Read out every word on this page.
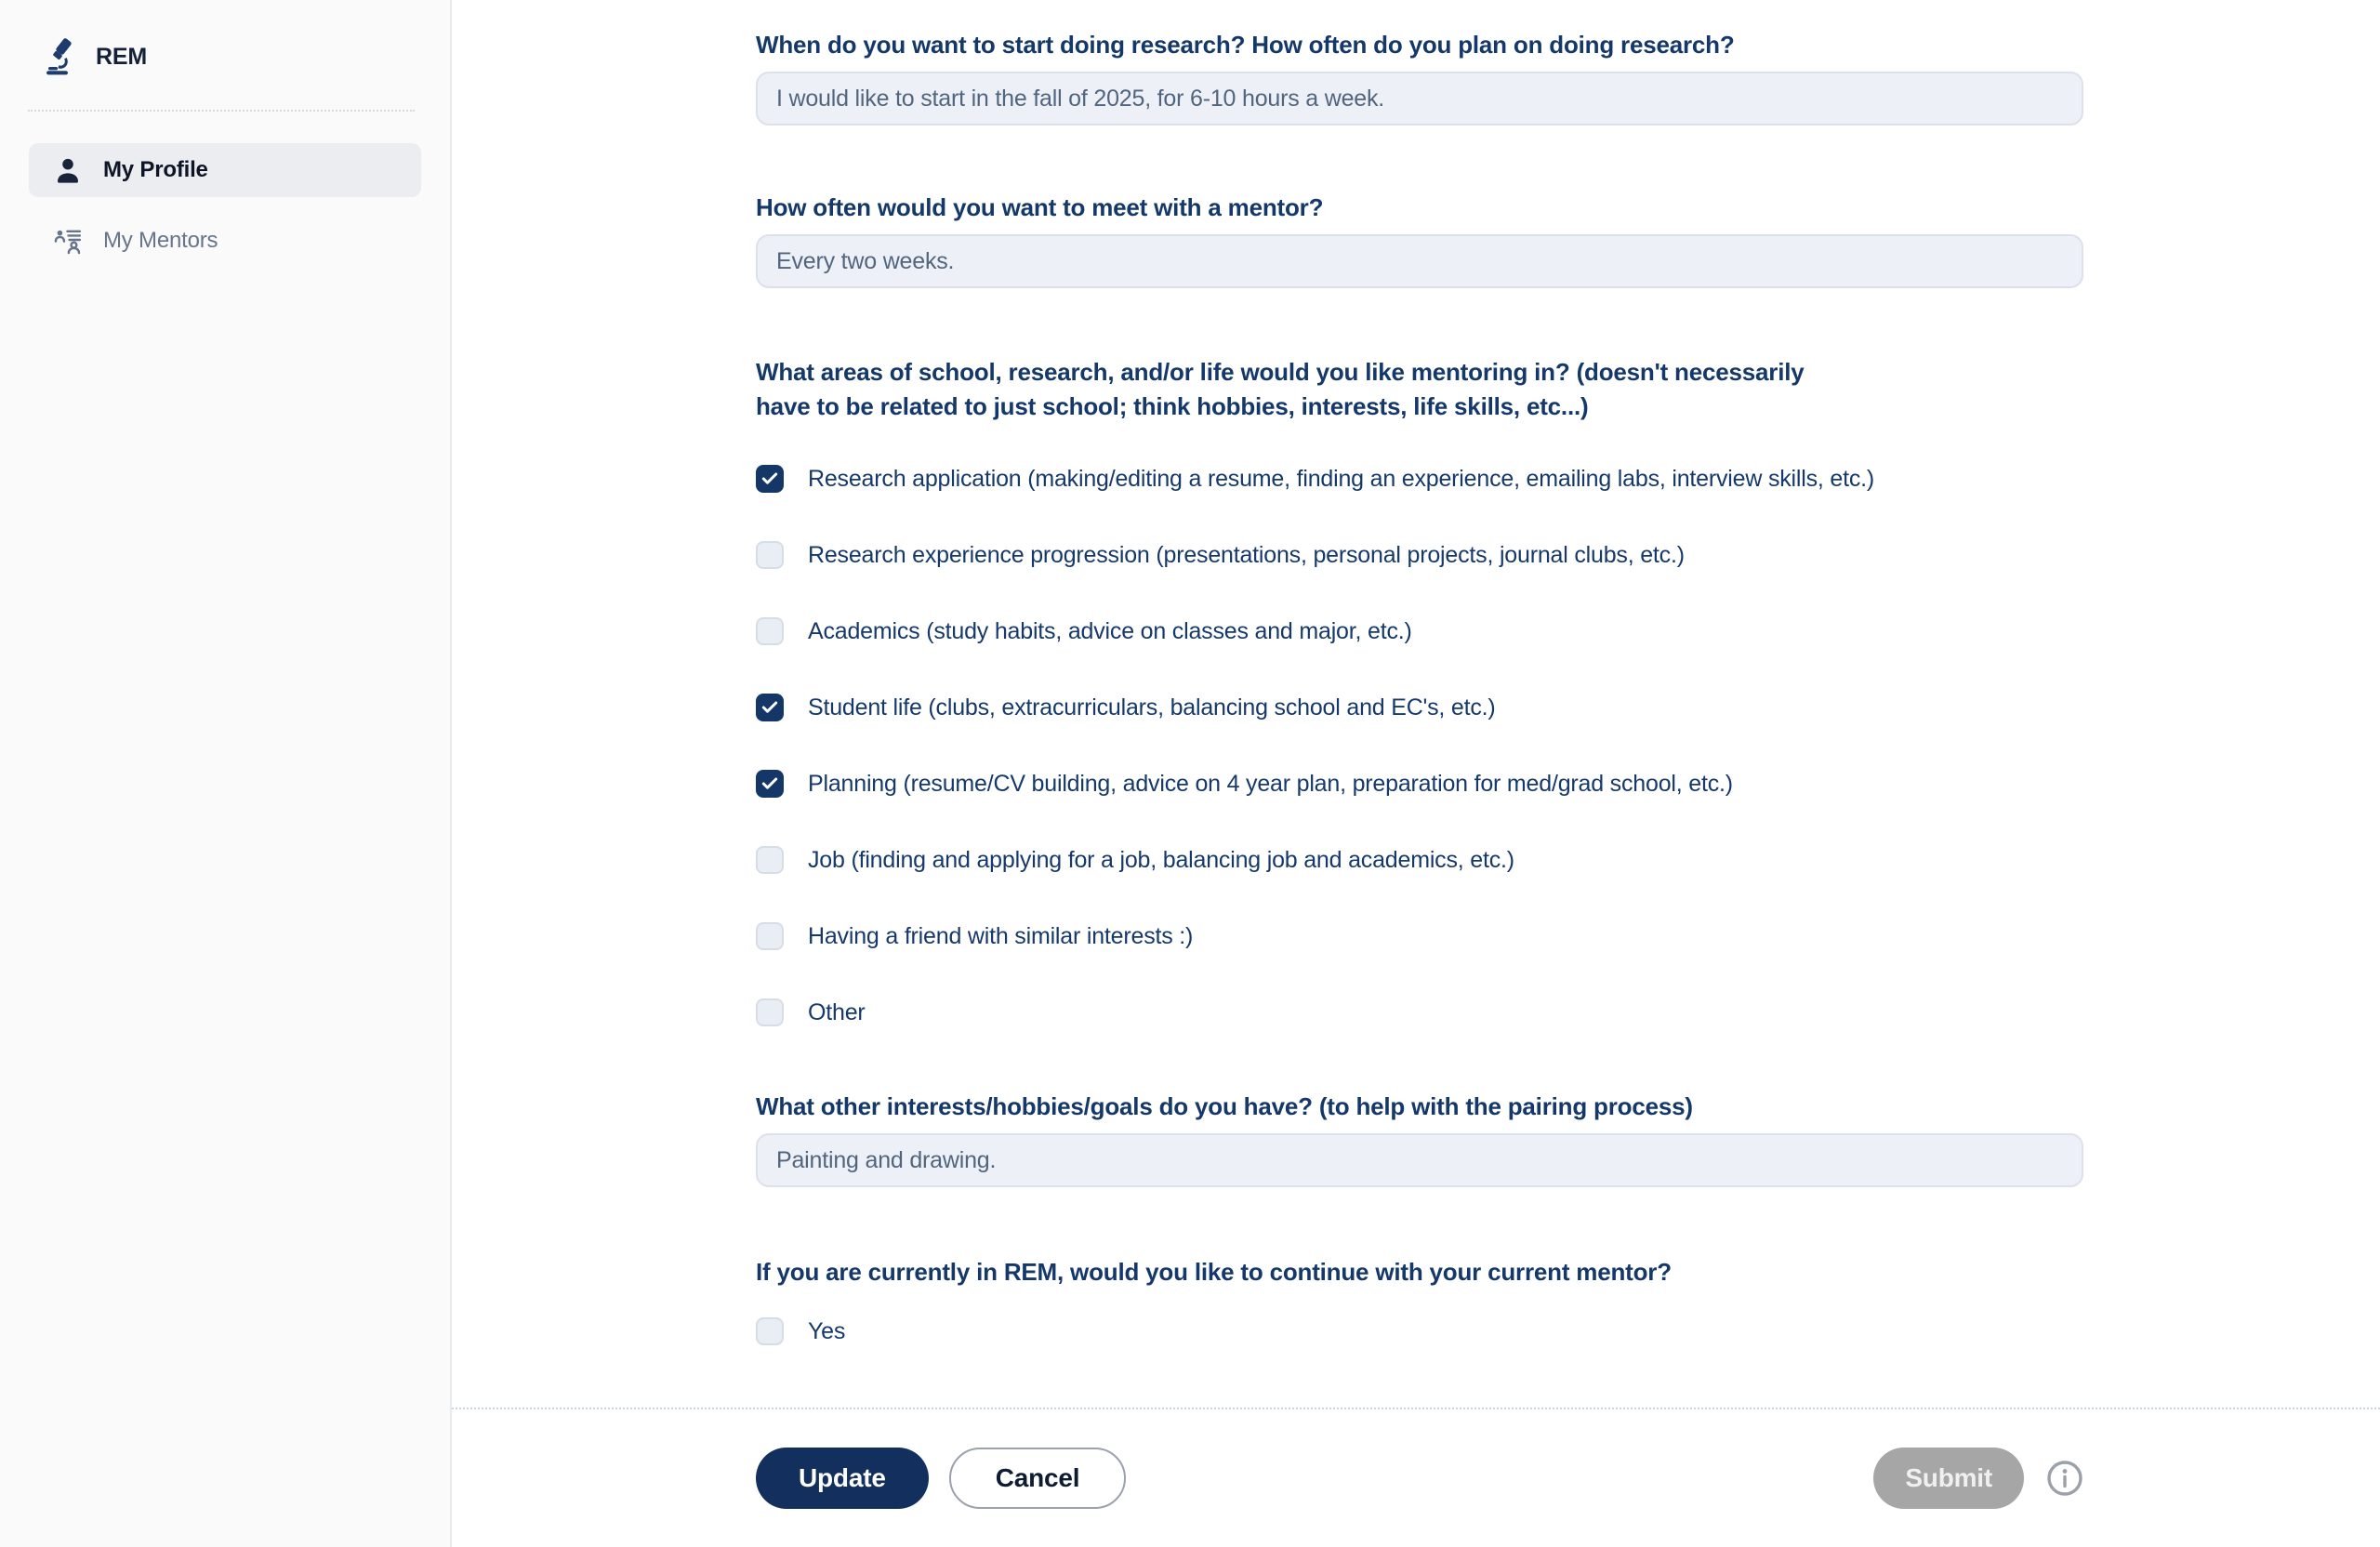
REM
My Profile
My Mentors
When do you want to start doing research? How often do you plan on doing research?
I would like to start in the fall of 2025, for 6-10 hours a week.
How often would you want to meet with a mentor?
Every two weeks.
What areas of school, research, and/or life would you like mentoring in? (doesn't necessarily have to be related to just school; think hobbies, interests, life skills, etc...)
Research application (making/editing a resume, finding an experience, emailing labs, interview skills, etc.)
Research experience progression (presentations, personal projects, journal clubs, etc.)
Academics (study habits, advice on classes and major, etc.)
Student life (clubs, extracurriculars, balancing school and EC's, etc.)
Planning (resume/CV building, advice on 4 year plan, preparation for med/grad school, etc.)
Job (finding and applying for a job, balancing job and academics, etc.)
Having a friend with similar interests :)
Other
What other interests/hobbies/goals do you have? (to help with the pairing process)
Painting and drawing.
If you are currently in REM, would you like to continue with your current mentor?
Yes
Update	Cancel	Submit
